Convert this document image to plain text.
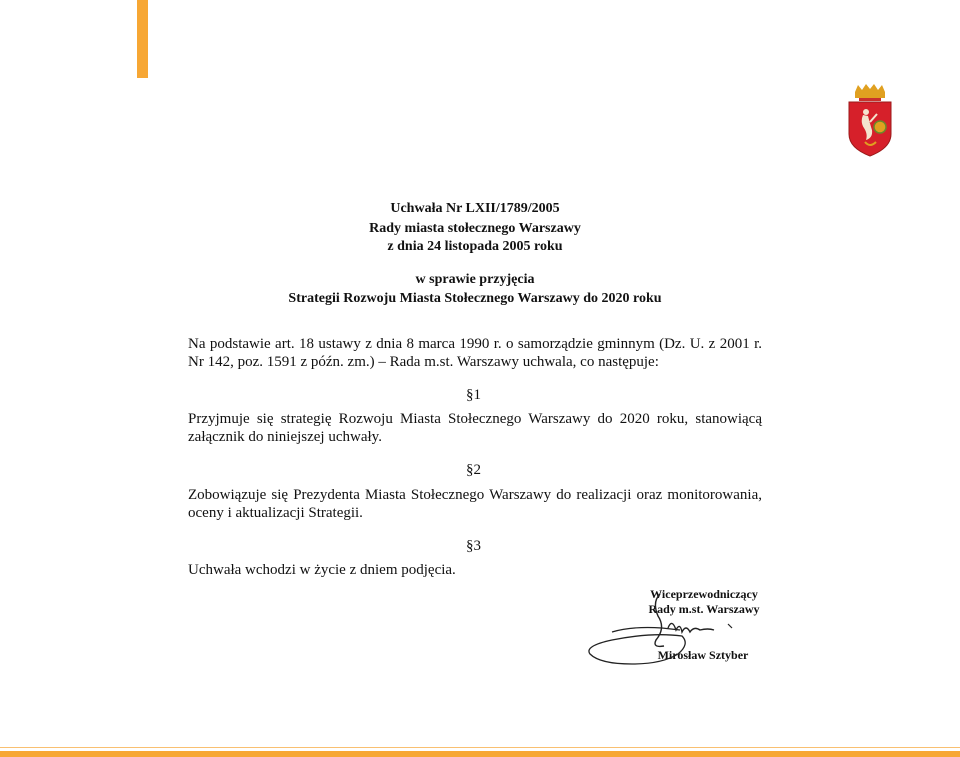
Uchwała Nr LXII/1789/2005
Rady miasta stołecznego Warszawy
z dnia 24 listopada 2005 roku
w sprawie przyjęcia
Strategii Rozwoju Miasta Stołecznego Warszawy do 2020 roku
Na podstawie art. 18 ustawy z dnia 8 marca 1990 r. o samorządzie gminnym (Dz. U. z 2001 r. Nr 142, poz. 1591 z późn. zm.) – Rada m.st. Warszawy uchwala, co następuje:
§1
Przyjmuje się strategię Rozwoju Miasta Stołecznego Warszawy do 2020 roku, stanowiącą załącznik do niniejszej uchwały.
§2
Zobowiązuje się Prezydenta Miasta Stołecznego Warszawy do realizacji oraz monitorowania, oceny i aktualizacji Strategii.
§3
Uchwała wchodzi w życie z dniem podjęcia.
Wiceprzewodniczący
Rady m.st. Warszawy
Mirosław Sztyber
